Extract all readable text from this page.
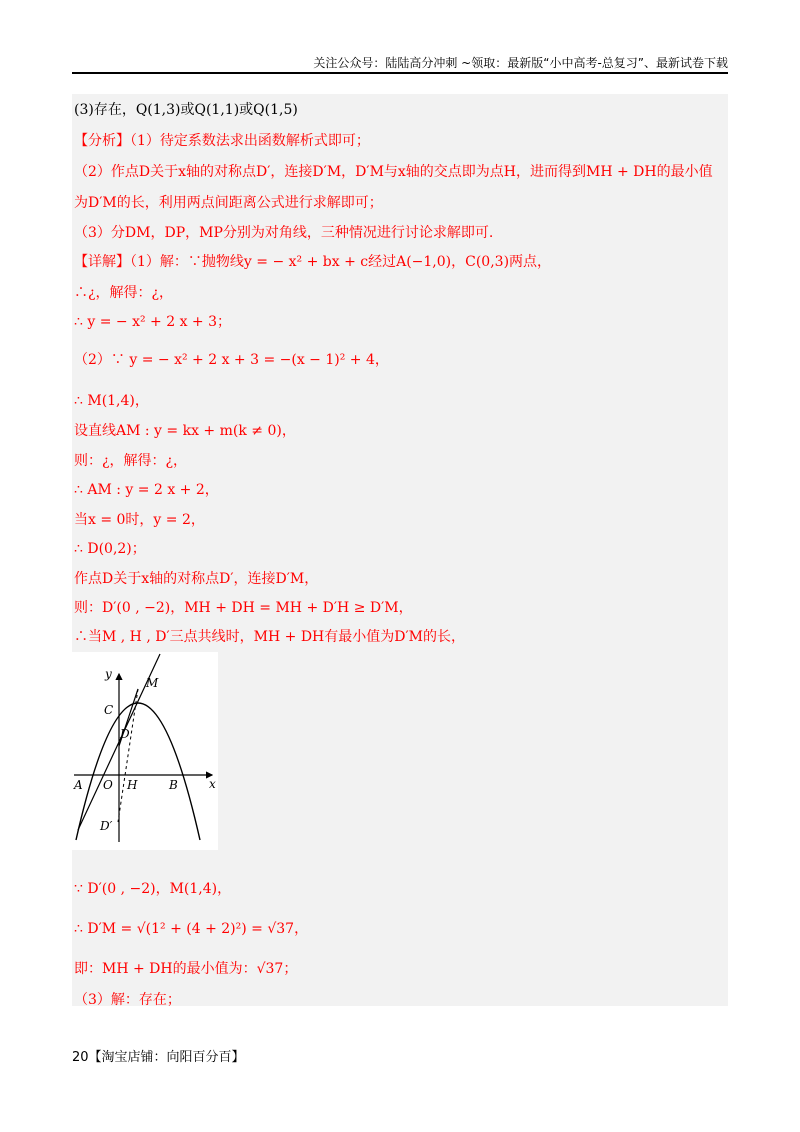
关注公众号：陆陆高分冲刺 ~领取：最新版“小中高考-总复习”、最新试卷下载
(3)存在，Q(1,3)或Q(1,1)或Q(1,5)
【分析】（1）待定系数法求出函数解析式即可；
（2）作点D关于x轴的对称点D′，连接D′M，D′M与x轴的交点即为点H，进而得到MH + DH的最小值
为D′M的长，利用两点间距离公式进行求解即可；
（3）分DM，DP，MP分别为对角线，三种情况进行讨论求解即可.
【详解】（1）解：∵抛物线y = − x² + bx + c经过A(−1,0)，C(0,3)两点，
∴¿，解得：¿，
∴ y = − x² + 2 x + 3；
（2）∵ y = − x² + 2 x + 3 = −(x − 1)² + 4，
∴ M(1,4)，
设直线AM : y = kx + m(k ≠ 0)，
则：¿，解得：¿，
∴ AM : y = 2 x + 2，
当x = 0时，y = 2，
∴ D(0,2)；
作点D关于x轴的对称点D′，连接D′M，
则：D′(0 , −2)，MH + DH = MH + D′H ≥ D′M，
∴当M , H , D′三点共线时，MH + DH有最小值为D′M的长，
y
M
C
D
A O H	B	x
D′
∵ D′(0 , −2)，M(1,4)，
∴ D′M = √(1² + (4 + 2)²) = √37，
即：MH + DH的最小值为：√37；
（3）解：存在；
20【淘宝店铺：向阳百分百】
